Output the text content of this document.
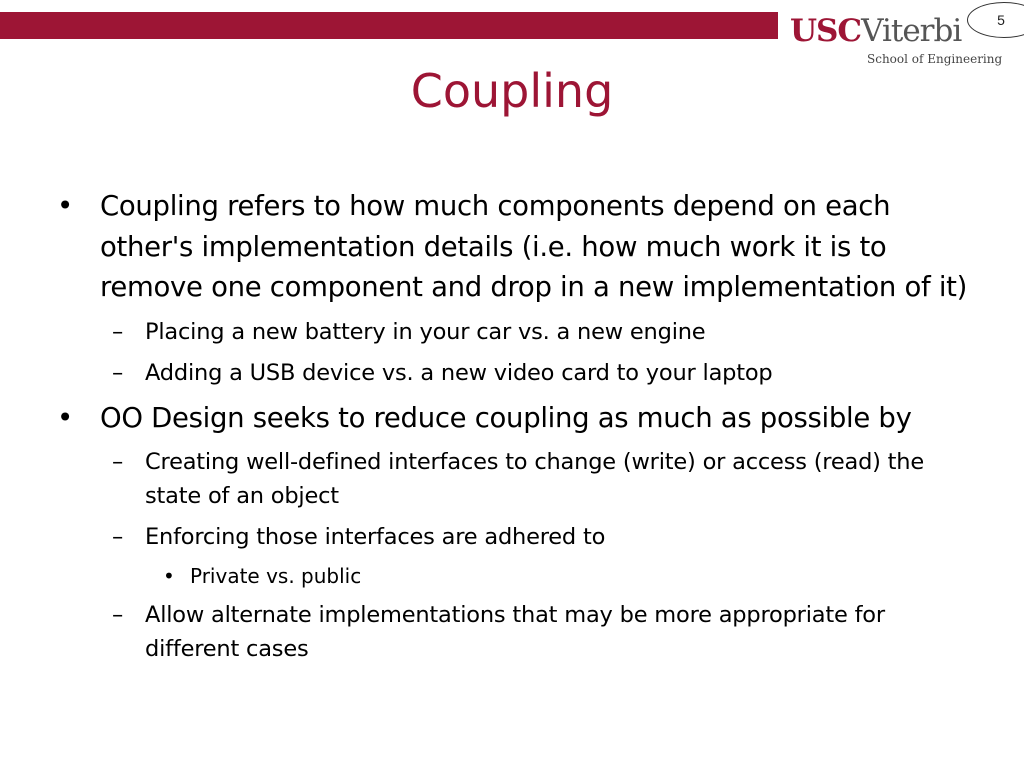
USCViterbi
School of Engineering
5
Coupling
• Coupling refers to how much components depend on each other's implementation details (i.e. how much work it is to remove one component and drop in a new implementation of it)
– Placing a new battery in your car vs. a new engine
– Adding a USB device vs. a new video card to your laptop
• OO Design seeks to reduce coupling as much as possible by
– Creating well-defined interfaces to change (write) or access (read) the state of an object
– Enforcing those interfaces are adhered to
• Private vs. public
– Allow alternate implementations that may be more appropriate for different cases
